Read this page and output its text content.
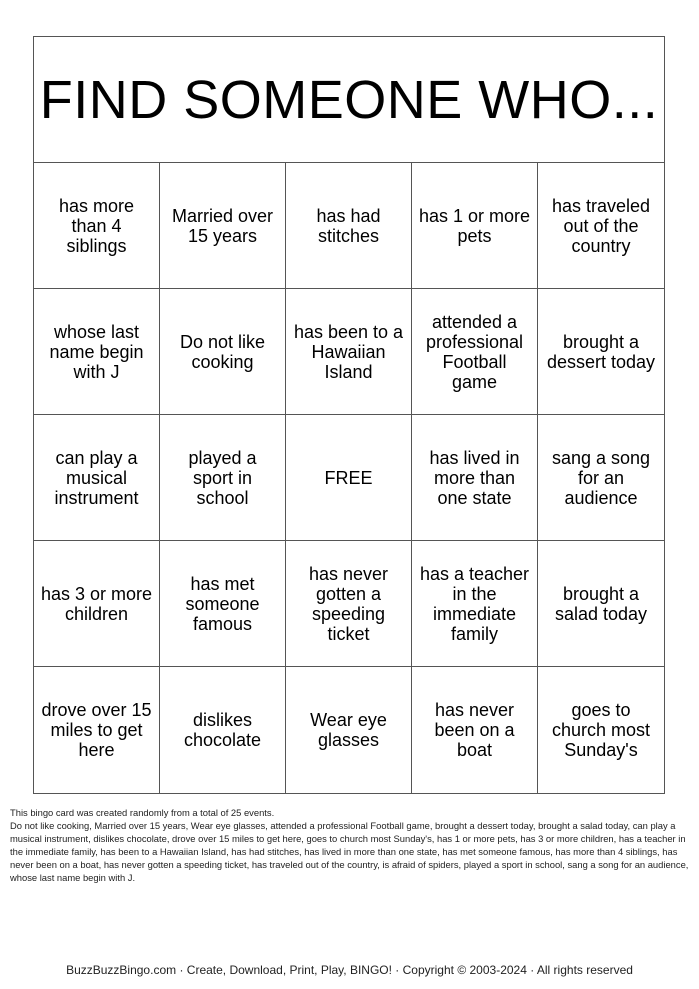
FIND SOMEONE WHO...
has more than 4 siblings
Married over 15 years
has had stitches
has 1 or more pets
has traveled out of the country
whose last name begin with J
Do not like cooking
has been to a Hawaiian Island
attended a professional Football game
brought a dessert today
can play a musical instrument
played a sport in school
FREE
has lived in more than one state
sang a song for an audience
has 3 or more children
has met someone famous
has never gotten a speeding ticket
has a teacher in the immediate family
brought a salad today
drove over 15 miles to get here
dislikes chocolate
Wear eye glasses
has never been on a boat
goes to church most Sunday's

This bingo card was created randomly from a total of 25 events.

Do not like cooking, Married over 15 years, Wear eye glasses, attended a professional Football game, brought a dessert today, brought a salad today, can play a musical instrument, dislikes chocolate, drove over 15 miles to get here, goes to church most Sunday's, has 1 or more pets, has 3 or more children, has a teacher in the immediate family, has been to a Hawaiian Island, has had stitches, has lived in more than one state, has met someone famous, has more than 4 siblings, has never been on a boat, has never gotten a speeding ticket, has traveled out of the country, is afraid of spiders, played a sport in school, sang a song for an audience, whose last name begin with J.

BuzzBuzzBingo.com · Create, Download, Print, Play, BINGO! · Copyright © 2003-2024 · All rights reserved
